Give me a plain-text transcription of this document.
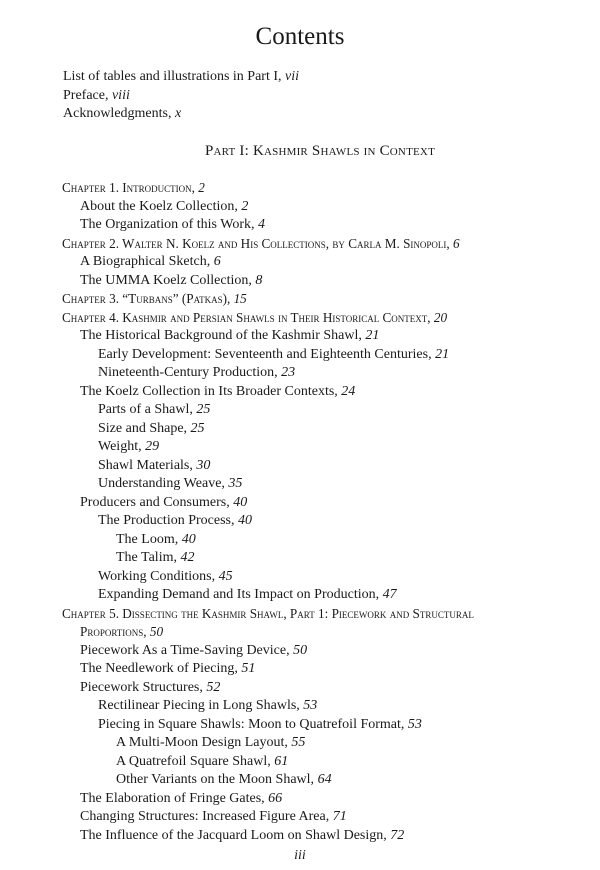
Contents
List of tables and illustrations in Part I, vii
Preface, viii
Acknowledgments, x
Part I: Kashmir Shawls in Context
Chapter 1. Introduction, 2
About the Koelz Collection, 2
The Organization of this Work, 4
Chapter 2. Walter N. Koelz and His Collections, by Carla M. Sinopoli, 6
A Biographical Sketch, 6
The UMMA Koelz Collection, 8
Chapter 3. “Turbans” (Patkas), 15
Chapter 4. Kashmir and Persian Shawls in Their Historical Context, 20
The Historical Background of the Kashmir Shawl, 21
Early Development: Seventeenth and Eighteenth Centuries, 21
Nineteenth-Century Production, 23
The Koelz Collection in Its Broader Contexts, 24
Parts of a Shawl, 25
Size and Shape, 25
Weight, 29
Shawl Materials, 30
Understanding Weave, 35
Producers and Consumers, 40
The Production Process, 40
The Loom, 40
The Talim, 42
Working Conditions, 45
Expanding Demand and Its Impact on Production, 47
Chapter 5. Dissecting the Kashmir Shawl, Part 1: Piecework and Structural
Proportions, 50
Piecework As a Time-Saving Device, 50
The Needlework of Piecing, 51
Piecework Structures, 52
Rectilinear Piecing in Long Shawls, 53
Piecing in Square Shawls: Moon to Quatrefoil Format, 53
A Multi-Moon Design Layout, 55
A Quatrefoil Square Shawl, 61
Other Variants on the Moon Shawl, 64
The Elaboration of Fringe Gates, 66
Changing Structures: Increased Figure Area, 71
The Influence of the Jacquard Loom on Shawl Design, 72
iii
